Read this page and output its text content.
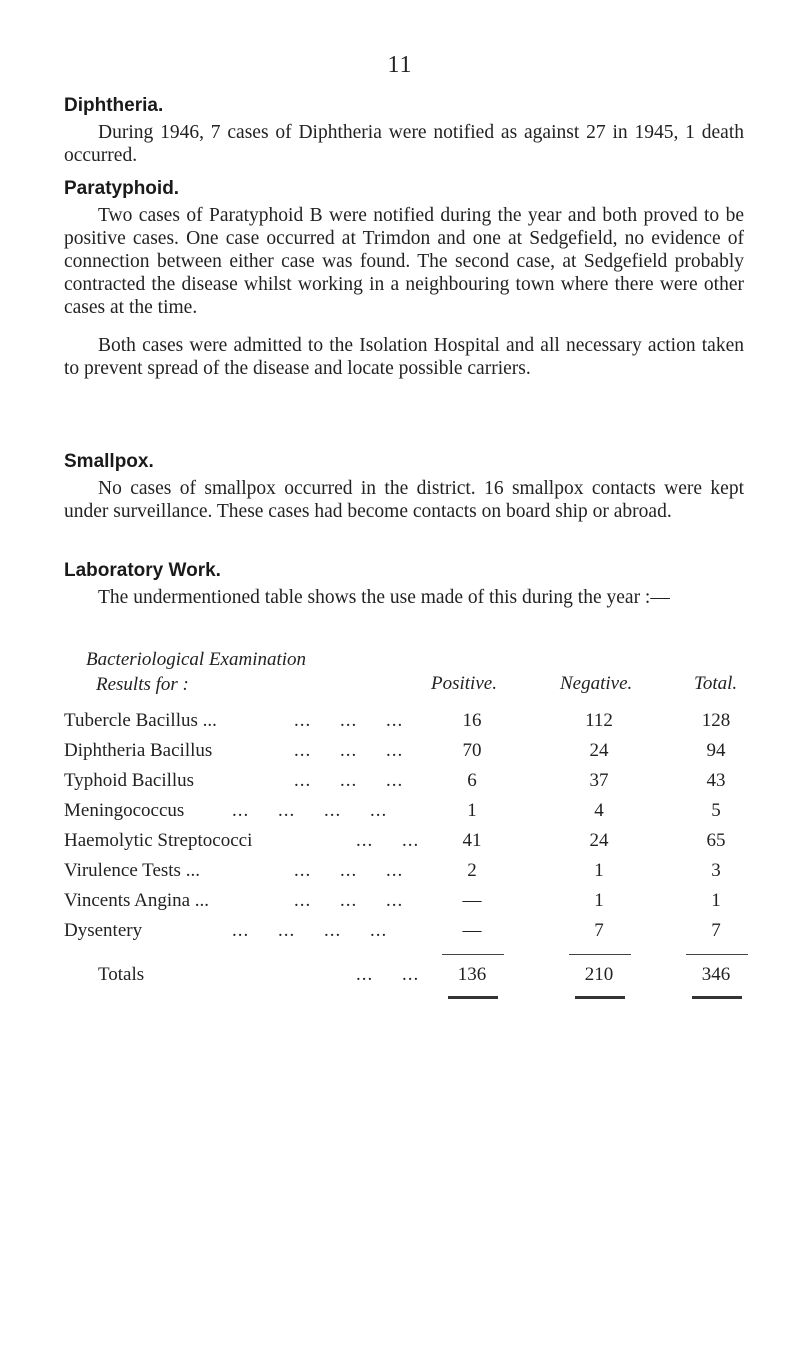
11
Diphtheria.

During 1946, 7 cases of Diphtheria were notified as against 27 in 1945, 1 death occurred.

Paratyphoid.

Two cases of Paratyphoid B were notified during the year and both proved to be positive cases. One case occurred at Trimdon and one at Sedgefield, no evidence of connection between either case was found. The second case, at Sedgefield probably contracted the disease whilst working in a neighbouring town where there were other cases at the time.

Both cases were admitted to the Isolation Hospital and all necessary action taken to prevent spread of the disease and locate possible carriers.

Smallpox.

No cases of smallpox occurred in the district. 16 smallpox contacts were kept under surveillance. These cases had become contacts on board ship or abroad.

Laboratory Work.

The undermentioned table shows the use made of this during the year :—

Bacteriological Examination
Results for :	Positive.	Negative.	Total.
Tubercle Bacillus ...	...     ...     ...	16	112	128
Diphtheria Bacillus	...     ...     ...	70	24	94
Typhoid Bacillus	...     ...     ...	6	37	43
Meningococcus	...     ...     ...     ...	1	4	5
Haemolytic Streptococci	...     ...	41	24	65
Virulence Tests ...	...     ...     ...	2	1	3
Vincents Angina ...	...     ...     ...	—	1	1
Dysentery	...     ...     ...     ...	—	7	7
Totals	...     ...	136	210	346
